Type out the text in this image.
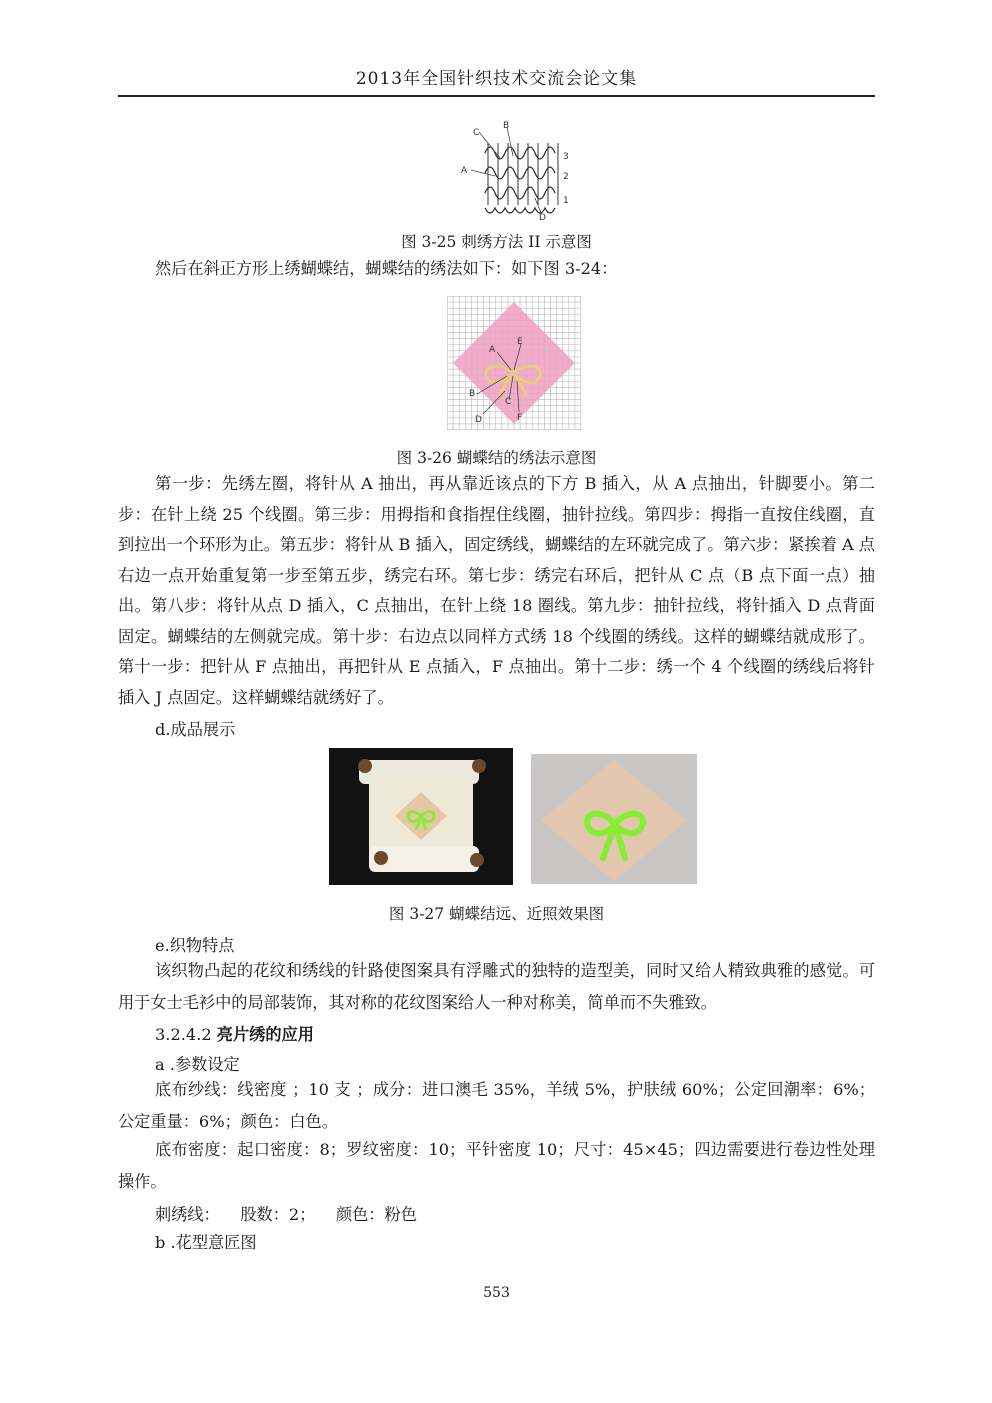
2013年全国针织技术交流会论文集
C
B
A
D
3
2
1
图 3-25 刺绣方法 II 示意图
然后在斜正方形上绣蝴蝶结，蝴蝶结的绣法如下：如下图 3-24：
A
E
B
C
D	F
图 3-26 蝴蝶结的绣法示意图
第一步：先绣左圈，将针从 A 抽出，再从靠近该点的下方 B 插入，从 A 点抽出，针脚要小。第二步：在针上绕 25 个线圈。第三步：用拇指和食指捏住线圈，抽针拉线。第四步：拇指一直按住线圈，直到拉出一个环形为止。第五步：将针从 B 插入，固定绣线，蝴蝶结的左环就完成了。第六步：紧挨着 A 点右边一点开始重复第一步至第五步，绣完右环。第七步：绣完右环后，把针从 C 点（B 点下面一点）抽出。第八步：将针从点 D 插入，C 点抽出，在针上绕 18 圈线。第九步：抽针拉线，将针插入 D 点背面固定。蝴蝶结的左侧就完成。第十步：右边点以同样方式绣 18 个线圈的绣线。这样的蝴蝶结就成形了。第十一步：把针从 F 点抽出，再把针从 E 点插入，F 点抽出。第十二步：绣一个 4 个线圈的绣线后将针插入 J 点固定。这样蝴蝶结就绣好了。
d.成品展示
图 3-27 蝴蝶结远、近照效果图
e.织物特点
该织物凸起的花纹和绣线的针路使图案具有浮雕式的独特的造型美，同时又给人精致典雅的感觉。可用于女士毛衫中的局部装饰，其对称的花纹图案给人一种对称美，简单而不失雅致。
3.2.4.2 亮片绣的应用
a .参数设定
底布纱线：线密度 ；10 支 ；成分：进口澳毛 35%，羊绒 5%，护肤绒 60%；公定回潮率：6%；公定重量：6%；颜色：白色。
底布密度：起口密度：8；罗纹密度：10；平针密度 10；尺寸：45×45；四边需要进行卷边性处理操作。
刺绣线：    股数：2；    颜色：粉色
b .花型意匠图
553
